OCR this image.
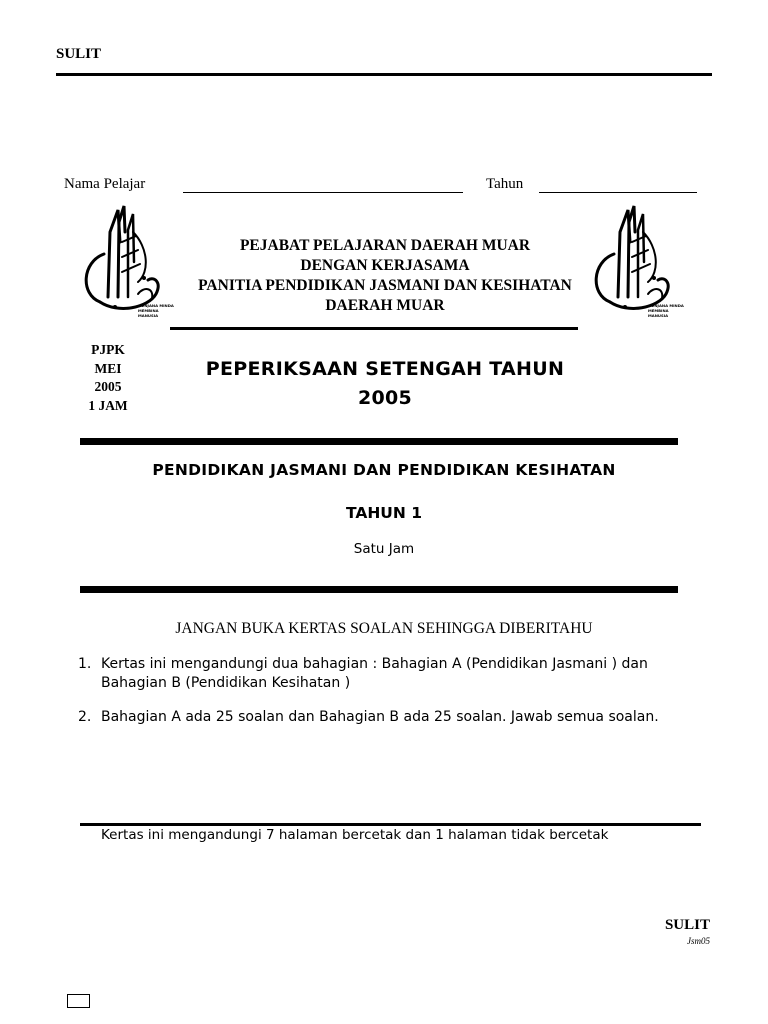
SULIT
Nama Pelajar	Tahun
MENJANA MINDA
MEMBINA MANUSIA
MENJANA MINDA
MEMBINA MANUSIA
PEJABAT PELAJARAN DAERAH MUAR
DENGAN KERJASAMA
PANITIA PENDIDIKAN JASMANI DAN KESIHATAN
DAERAH MUAR
PJPK
MEI
2005
1 JAM
PEPERIKSAAN SETENGAH TAHUN
2005
PENDIDIKAN JASMANI DAN PENDIDIKAN KESIHATAN
TAHUN 1
Satu Jam
JANGAN BUKA KERTAS SOALAN SEHINGGA DIBERITAHU
1. Kertas ini mengandungi dua bahagian : Bahagian A (Pendidikan Jasmani ) dan Bahagian B (Pendidikan Kesihatan )
2. Bahagian A ada 25 soalan dan Bahagian B ada 25 soalan. Jawab semua soalan.
Kertas ini mengandungi 7 halaman bercetak dan 1 halaman tidak bercetak
SULIT
Jsm05
